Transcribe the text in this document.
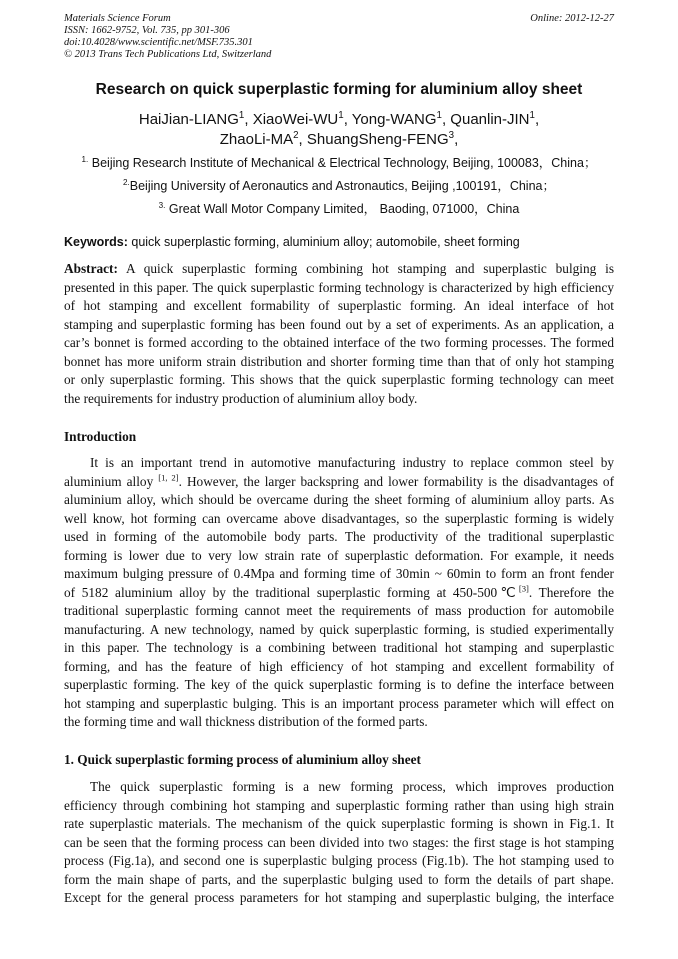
Materials Science Forum
ISSN: 1662-9752, Vol. 735, pp 301-306
doi:10.4028/www.scientific.net/MSF.735.301
© 2013 Trans Tech Publications Ltd, Switzerland
Online: 2012-12-27
Research on quick superplastic forming for aluminium alloy sheet
HaiJian-LIANG$^1$, XiaoWei-$WU^1$, Yong-WANG$^1$, Quanlin-JIN$^1$,
ZhaoLi-$MA^2$, ShuangSheng-FENG$^3$,
$^{1.}$ Beijing Research Institute of Mechanical & Electrical Technology, Beijing, 100083，China；
$^{2.}$Beijing University of Aeronautics and Astronautics, Beijing ,100191，China；
$^{3.}$ Great Wall Motor Company Limited， Baoding, 071000，China
Keywords: quick superplastic forming, aluminium alloy; automobile, sheet forming
Abstract: A quick superplastic forming combining hot stamping and superplastic bulging is
presented in this paper. The quick superplastic forming technology is characterized by high efficiency
of hot stamping and excellent formability of superplastic forming. An ideal interface of hot
stamping and superplastic forming has been found out by a set of experiments. As an application, a
car’s bonnet is formed according to the obtained interface of the two forming processes. The formed
bonnet has more uniform strain distribution and shorter forming time than that of only hot stamping
or only superplastic forming. This shows that the quick superplastic forming technology can meet
the requirements for industry production of aluminium alloy body.
Introduction
It is an important trend in automotive manufacturing industry to replace common steel by
aluminium alloy [1, 2]. However, the larger backspring and lower formability is the disadvantages of
aluminium alloy, which should be overcame during the sheet forming of aluminium alloy parts. As
well know, hot forming can overcame above disadvantages, so the superplastic forming is widely
used in forming of the automobile body parts. The productivity of the traditional superplastic
forming is lower due to very low strain rate of superplastic deformation. For example, it needs
maximum bulging pressure of 0.4Mpa and forming time of 30min ~ 60min to form an front fender
of 5182 aluminium alloy by the traditional superplastic forming at 450-500℃[3]. Therefore the
traditional superplastic forming cannot meet the requirements of mass production for automobile
manufacturing. A new technology, named by quick superplastic forming, is studied experimentally
in this paper. The technology is a combining between traditional hot stamping and superplastic
forming, and has the feature of high efficiency of hot stamping and excellent formability of
superplastic forming. The key of the quick superplastic forming is to define the interface between
hot stamping and superplastic bulging. This is an important process parameter which will effect on
the forming time and wall thickness distribution of the formed parts.
1. Quick superplastic forming process of aluminium alloy sheet
The quick superplastic forming is a new forming process, which improves production
efficiency through combining hot stamping and superplastic forming rather than using high strain
rate superplastic materials. The mechanism of the quick superplastic forming is shown in Fig.1. It
can be seen that the forming process can been divided into two stages: the first stage is hot stamping
process (Fig.1a), and second one is superplastic bulging process (Fig.1b). The hot stamping used to
form the main shape of parts, and the superplastic bulging used to form the details of part shape.
Except for the general process parameters for hot stamping and superplastic bulging, the interface
